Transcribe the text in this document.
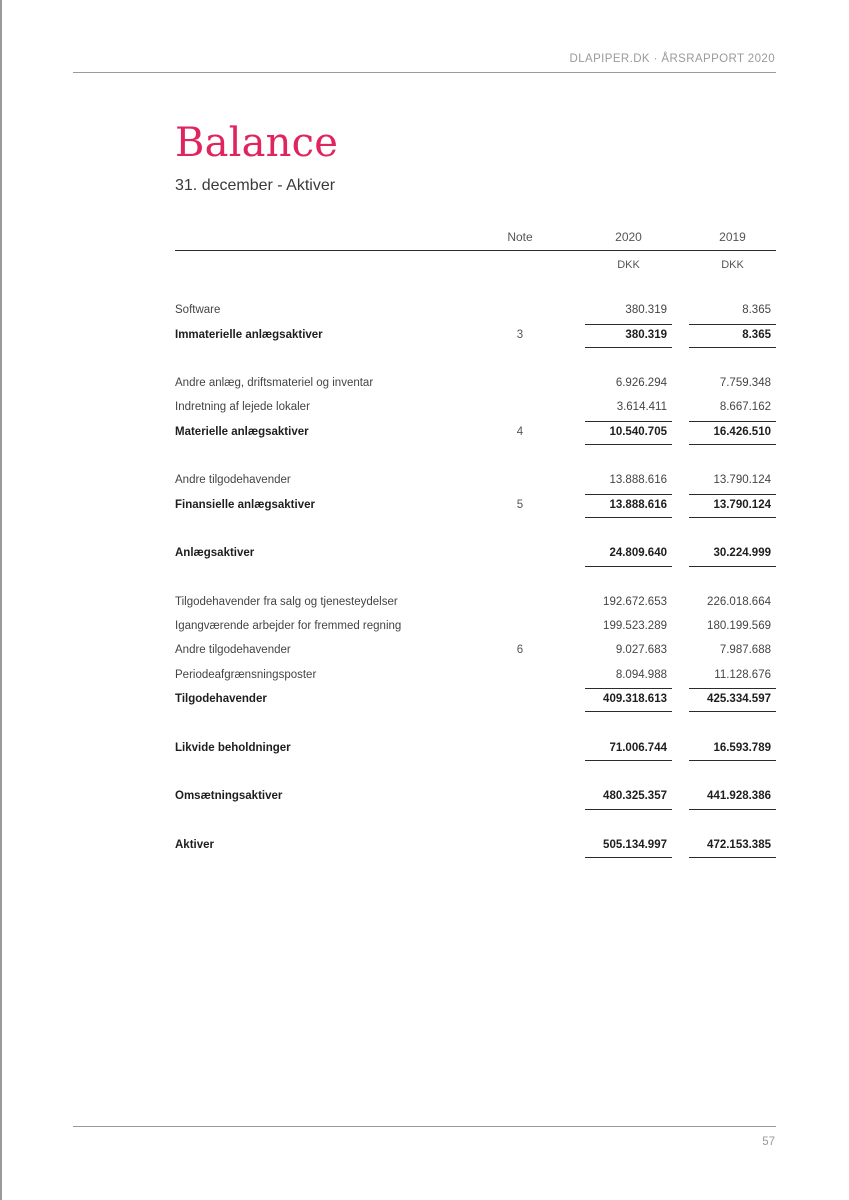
DLAPIPER.DK · ÅRSRAPPORT 2020
Balance
31. december - Aktiver
Note	2020	2019
DKK	DKK
Software	380.319	8.365
Immaterielle anlægsaktiver	3	380.319	8.365
Andre anlæg, driftsmateriel og inventar	6.926.294	7.759.348
Indretning af lejede lokaler	3.614.411	8.667.162
Materielle anlægsaktiver	4	10.540.705	16.426.510
Andre tilgodehavender	13.888.616	13.790.124
Finansielle anlægsaktiver	5	13.888.616	13.790.124
Anlægsaktiver	24.809.640	30.224.999
Tilgodehavender fra salg og tjenesteydelser	192.672.653	226.018.664
Igangværende arbejder for fremmed regning	199.523.289	180.199.569
Andre tilgodehavender	6	9.027.683	7.987.688
Periodeafgrænsningsposter	8.094.988	11.128.676
Tilgodehavender	409.318.613	425.334.597
Likvide beholdninger	71.006.744	16.593.789
Omsætningsaktiver	480.325.357	441.928.386
Aktiver	505.134.997	472.153.385
57
